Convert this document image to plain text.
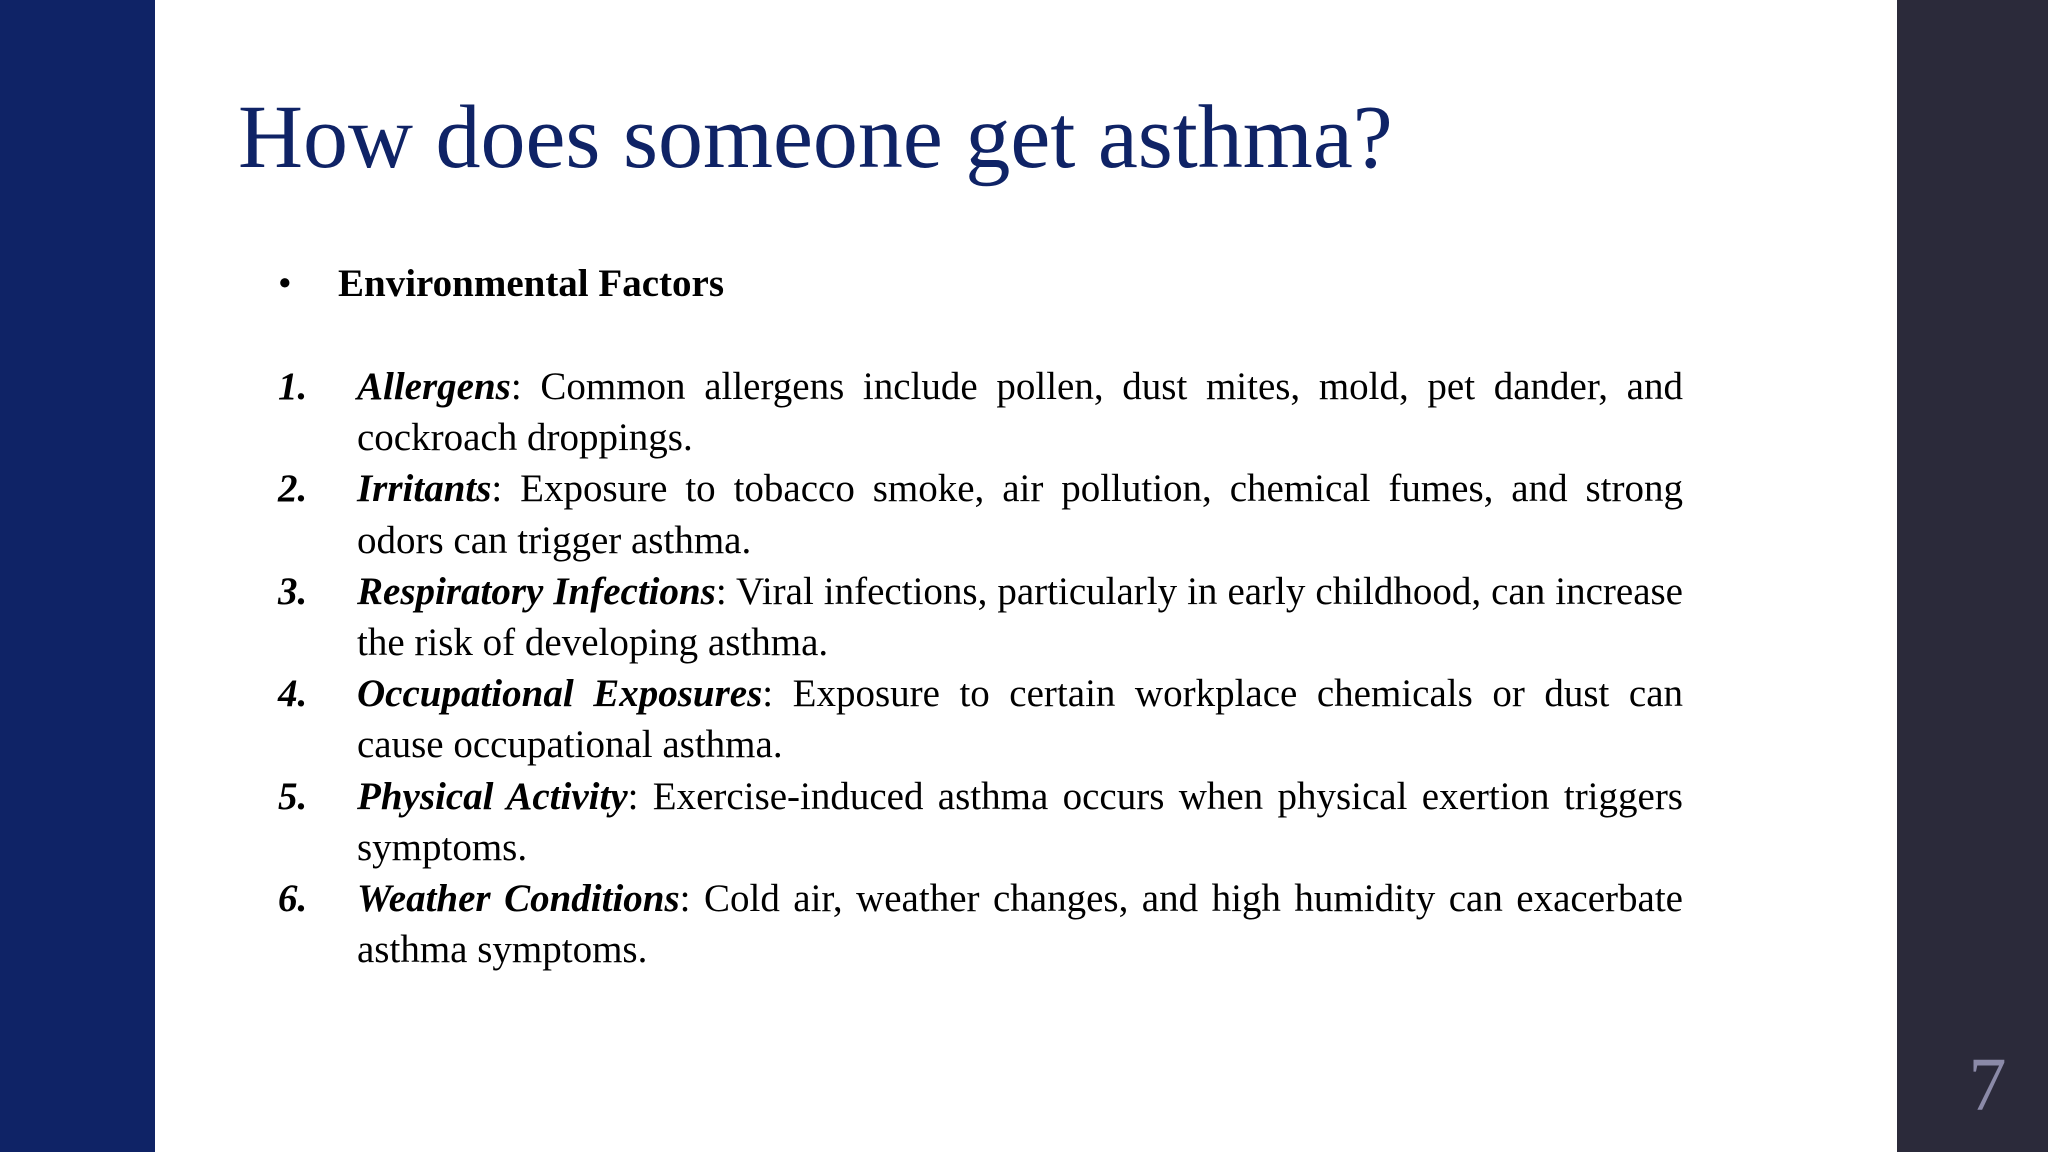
How does someone get asthma?
• Environmental Factors
1. Allergens: Common allergens include pollen, dust mites, mold, pet dander, and cockroach droppings.
2. Irritants: Exposure to tobacco smoke, air pollution, chemical fumes, and strong odors can trigger asthma.
3. Respiratory Infections: Viral infections, particularly in early childhood, can increase the risk of developing asthma.
4. Occupational Exposures: Exposure to certain workplace chemicals or dust can cause occupational asthma.
5. Physical Activity: Exercise-induced asthma occurs when physical exertion triggers symptoms.
6. Weather Conditions: Cold air, weather changes, and high humidity can exacerbate asthma symptoms.
7
